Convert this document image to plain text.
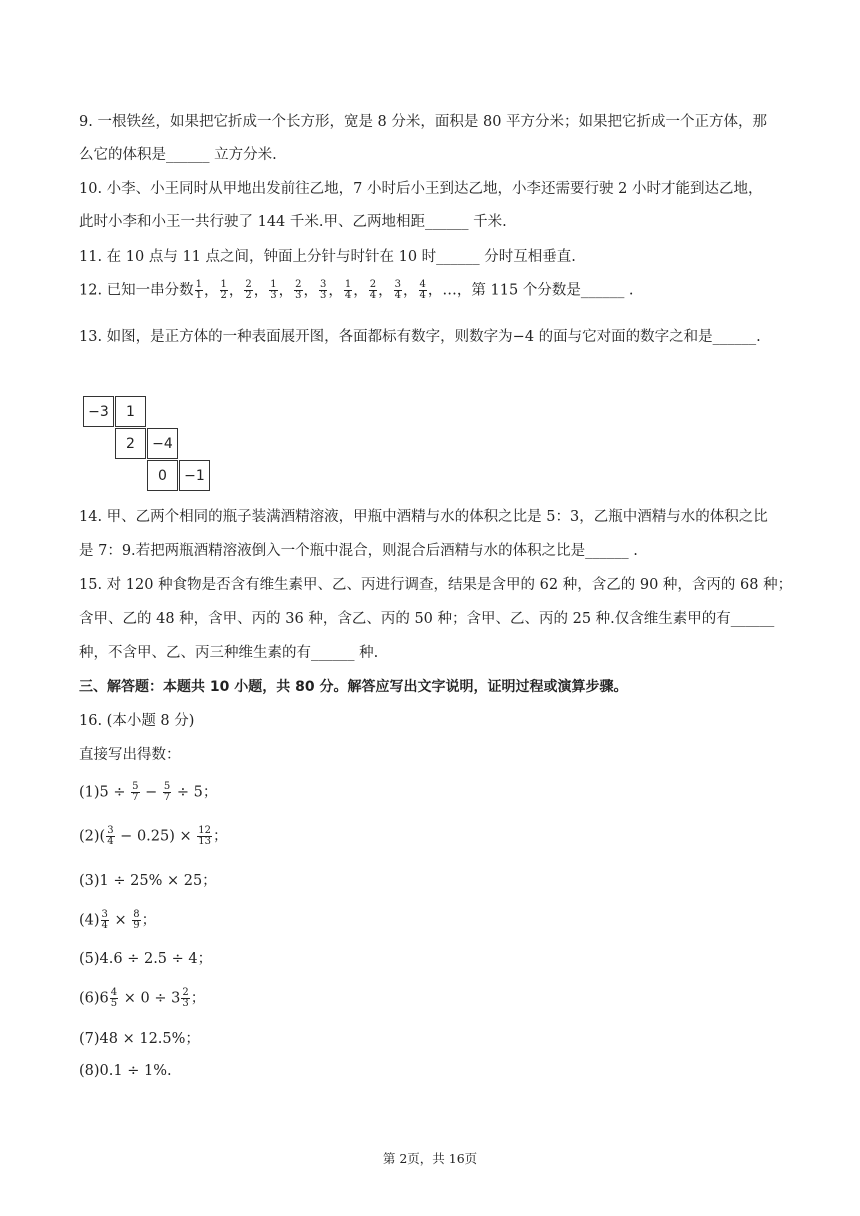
9. 一根铁丝，如果把它折成一个长方形，宽是 8 分米，面积是 80 平方分米；如果把它折成一个正方体，那
么它的体积是______ 立方分米.
10. 小李、小王同时从甲地出发前往乙地，7 小时后小王到达乙地，小李还需要行驶 2 小时才能到达乙地，
此时小李和小王一共行驶了 144 千米.甲、乙两地相距______ 千米.
11. 在 10 点与 11 点之间，钟面上分针与时针在 10 时______ 分时互相垂直.
12. 已知一串分数 $\frac{1}{1}$ ， $\frac{1}{2}$ ， $\frac{2}{2}$ ， $\frac{1}{3}$ ， $\frac{2}{3}$ ， $\frac{3}{3}$ ， $\frac{1}{4}$ ， $\frac{2}{4}$ ， $\frac{3}{4}$ ， $\frac{4}{4}$ ，…，第 115 个分数是______ .
13. 如图，是正方体的一种表面展开图，各面都标有数字，则数字为−4 的面与它对面的数字之和是______.
−3	1
2	−4
0	−1
14. 甲、乙两个相同的瓶子装满酒精溶液，甲瓶中酒精与水的体积之比是 5：3，乙瓶中酒精与水的体积之比
是 7：9.若把两瓶酒精溶液倒入一个瓶中混合，则混合后酒精与水的体积之比是______ .
15. 对 120 种食物是否含有维生素甲、乙、丙进行调查，结果是含甲的 62 种，含乙的 90 种，含丙的 68 种；
含甲、乙的 48 种，含甲、丙的 36 种，含乙、丙的 50 种；含甲、乙、丙的 25 种.仅含维生素甲的有______
种，不含甲、乙、丙三种维生素的有______ 种.
三、解答题：本题共 10 小题，共 80 分。解答应写出文字说明，证明过程或演算步骤。
16. (本小题 8 分)
直接写出得数：
$(1)5 \div \frac{5}{7} - \frac{5}{7} \div 5$；
$(2)( \frac{3}{4} - 0.25) \times \frac{12}{13}$ ；
(3)1 ÷ 25% × 25；
$(4) \frac{3}{4} \times \frac{8}{9}$ ；
(5)4.6 ÷ 2.5 ÷ 4；
$(6)6 \frac{4}{5} \times 0 \div 3 \frac{2}{3}$ ；
(7)48 × 12.5%；
(8)0.1 ÷ 1%.
第 2页，共 16页
